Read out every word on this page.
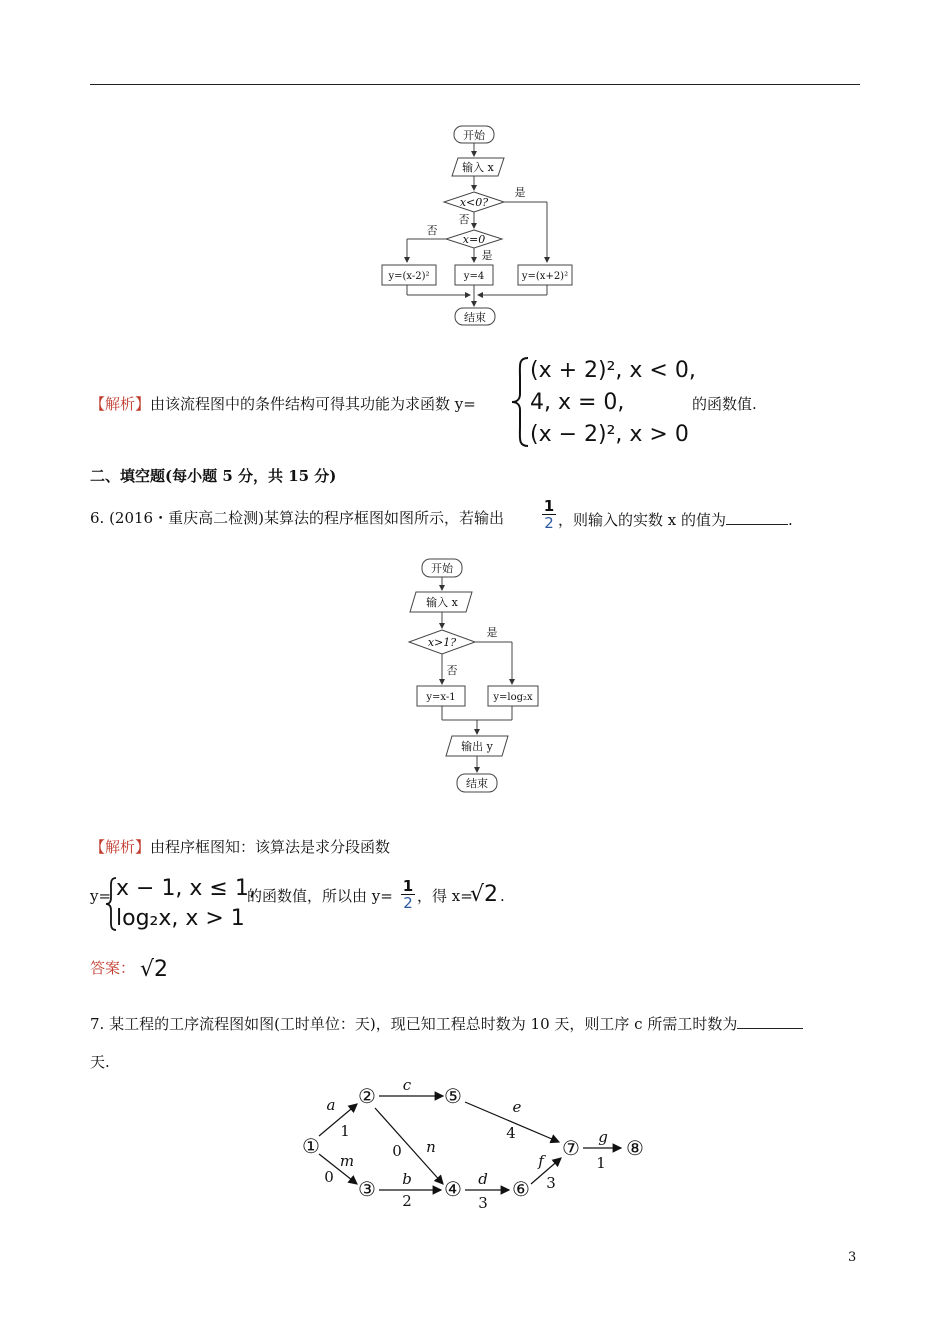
开始
输入 x
x<0?
是
否
x=0
否
是
y=(x-2)²	y=4	y=(x+2)²
结束
【解析】由该流程图中的条件结构可得其功能为求函数 y=
(x + 2)², x < 0,
4, x = 0,
(x − 2)², x > 0
的函数值.
二、填空题(每小题 5 分，共 15 分)
6. (2016・重庆高二检测)某算法的程序框图如图所示，若输出	$\frac{1}{2}$ ，则输入的实数 x 的值为	.
开始
输入 x
x>1?
是
否
y=x-1	y=log₂x
输出 y
结束
【解析】由程序框图知：该算法是求分段函数
y= x − 1, x ≤ 1,
log₂x, x > 1
的函数值，所以由 $y= \frac{1}{2}$ ，得 x=
√2 .
答案： √2
7. 某工程的工序流程图如图(工时单位：天)，现已知工程总时数为 10 天，则工序 c 所需工时数为
天.
①
②
③	④
⑤
⑥
⑦ ⑧
a
1
m
0
c
n
0
b
2
e
4
d
3
f
3
g
1
3
